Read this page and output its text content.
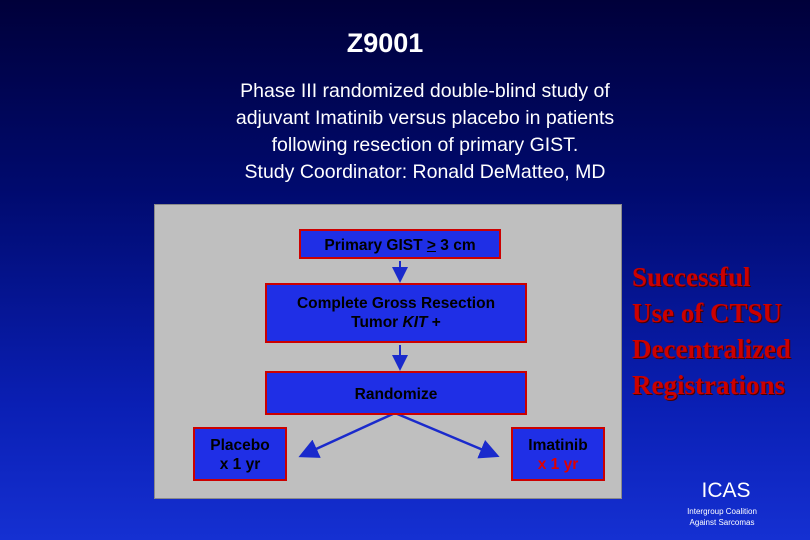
Z9001
Phase III randomized double-blind study of
adjuvant Imatinib versus placebo in patients
following resection of primary GIST.
Study Coordinator: Ronald DeMatteo, MD
Primary GIST > 3 cm
Complete Gross Resection
Tumor KIT +
Randomize
Placebo
x 1 yr
Imatinib
x 1 yr
Successful
Use of CTSU
Decentralized
Registrations
ICAS
Intergroup Coalition
Against Sarcomas
